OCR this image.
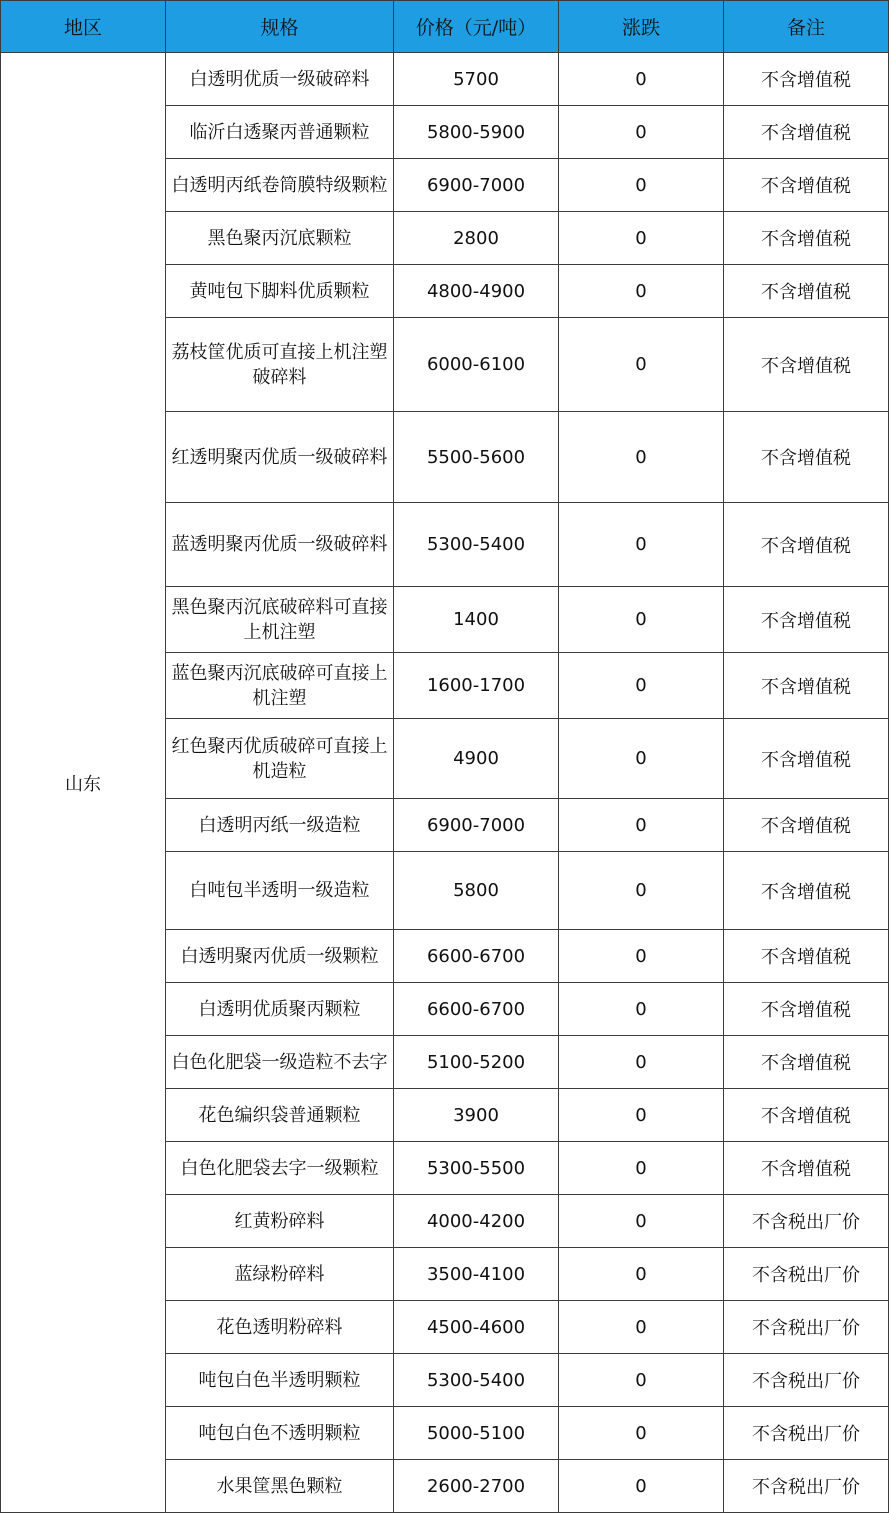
地区	规格	价格（元/吨）	涨跌	备注
山东	白透明优质一级破碎料	5700	0	不含增值税
	临沂白透聚丙普通颗粒	5800-5900	0	不含增值税
	白透明丙纸卷筒膜特级颗粒	6900-7000	0	不含增值税
	黑色聚丙沉底颗粒	2800	0	不含增值税
	黄吨包下脚料优质颗粒	4800-4900	0	不含增值税
	荔枝筐优质可直接上机注塑破碎料	6000-6100	0	不含增值税
	红透明聚丙优质一级破碎料	5500-5600	0	不含增值税
	蓝透明聚丙优质一级破碎料	5300-5400	0	不含增值税
	黑色聚丙沉底破碎料可直接上机注塑	1400	0	不含增值税
	蓝色聚丙沉底破碎可直接上机注塑	1600-1700	0	不含增值税
	红色聚丙优质破碎可直接上机造粒	4900	0	不含增值税
	白透明丙纸一级造粒	6900-7000	0	不含增值税
	白吨包半透明一级造粒	5800	0	不含增值税
	白透明聚丙优质一级颗粒	6600-6700	0	不含增值税
	白透明优质聚丙颗粒	6600-6700	0	不含增值税
	白色化肥袋一级造粒不去字	5100-5200	0	不含增值税
	花色编织袋普通颗粒	3900	0	不含增值税
	白色化肥袋去字一级颗粒	5300-5500	0	不含增值税
	红黄粉碎料	4000-4200	0	不含税出厂价
	蓝绿粉碎料	3500-4100	0	不含税出厂价
	花色透明粉碎料	4500-4600	0	不含税出厂价
	吨包白色半透明颗粒	5300-5400	0	不含税出厂价
	吨包白色不透明颗粒	5000-5100	0	不含税出厂价
	水果筐黑色颗粒	2600-2700	0	不含税出厂价
